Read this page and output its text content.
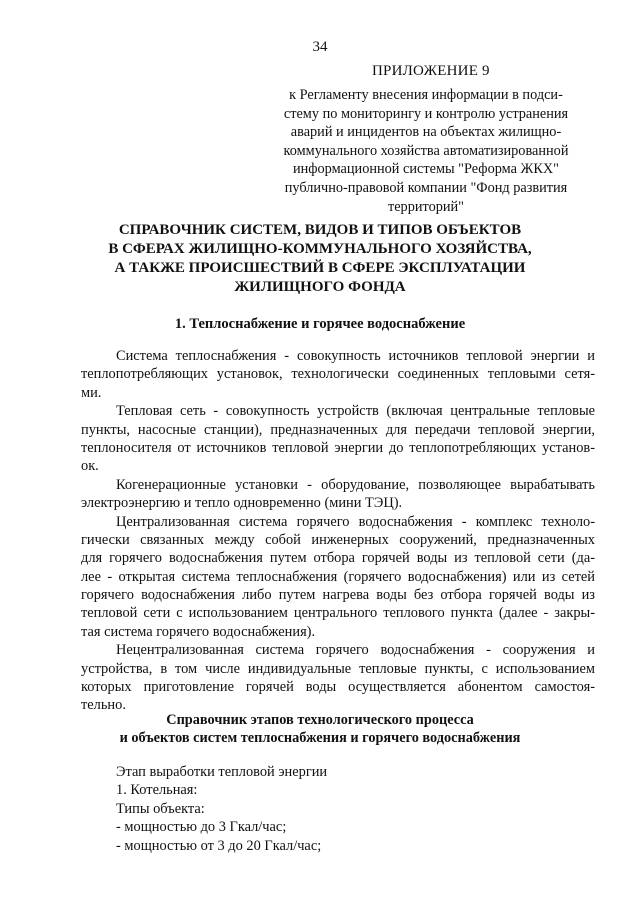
34
ПРИЛОЖЕНИЕ 9
к Регламенту внесения информации в подси-
стему по мониторингу и контролю устранения
аварий и инцидентов на объектах жилищно-
коммунального хозяйства автоматизированной
информационной системы "Реформа ЖКХ"
публично-правовой компании "Фонд развития
территорий"
СПРАВОЧНИК СИСТЕМ, ВИДОВ И ТИПОВ ОБЪЕКТОВ
В СФЕРАХ ЖИЛИЩНО-КОММУНАЛЬНОГО ХОЗЯЙСТВА,
А ТАКЖЕ ПРОИСШЕСТВИЙ В СФЕРЕ ЭКСПЛУАТАЦИИ
ЖИЛИЩНОГО ФОНДА
1. Теплоснабжение и горячее водоснабжение

Система теплоснабжения - совокупность источников тепловой энергии и
теплопотребляющих установок, технологически соединенных тепловыми сетя-
ми.

Тепловая сеть - совокупность устройств (включая центральные тепловые
пункты, насосные станции), предназначенных для передачи тепловой энергии,
теплоносителя от источников тепловой энергии до теплопотребляющих установ-
ок.

Когенерационные установки - оборудование, позволяющее вырабатывать
электроэнергию и тепло одновременно (мини ТЭЦ).

Централизованная система горячего водоснабжения - комплекс техноло-
гически связанных между собой инженерных сооружений, предназначенных
для горячего водоснабжения путем отбора горячей воды из тепловой сети (да-
лее - открытая система теплоснабжения (горячего водоснабжения) или из сетей
горячего водоснабжения либо путем нагрева воды без отбора горячей воды из
тепловой сети с использованием центрального теплового пункта (далее - закры-
тая система горячего водоснабжения).

Нецентрализованная система горячего водоснабжения - сооружения и
устройства, в том числе индивидуальные тепловые пункты, с использованием
которых приготовление горячей воды осуществляется абонентом самостоя-
тельно.

Справочник этапов технологического процесса
и объектов систем теплоснабжения и горячего водоснабжения
Этап выработки тепловой энергии
1. Котельная:
Типы объекта:
- мощностью до 3 Гкал/час;
- мощностью от 3 до 20 Гкал/час;
